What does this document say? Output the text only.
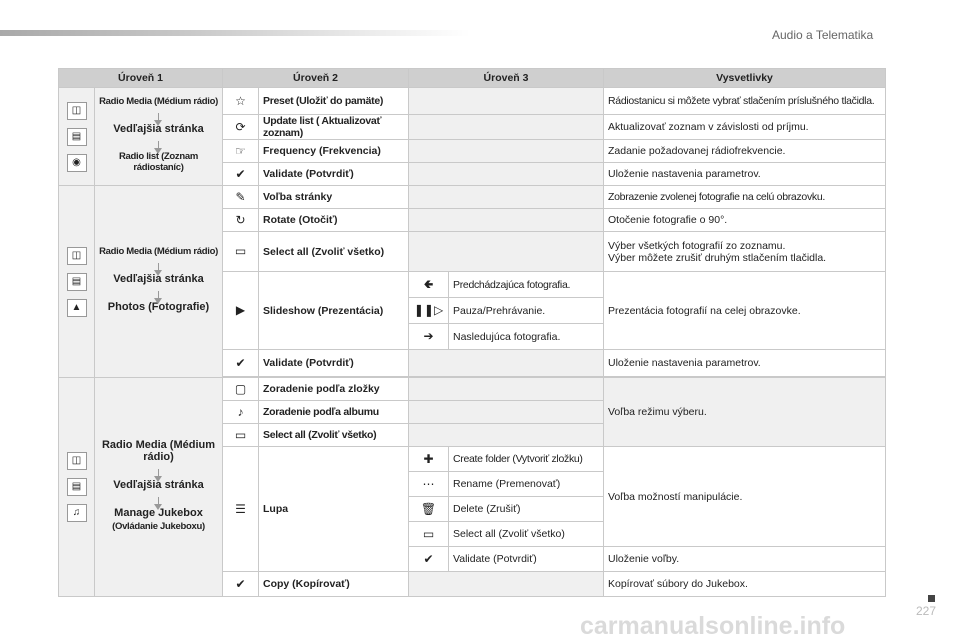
Audio a Telematika
Úroveň 1		Úroveň 2		Úroveň 3		Vysvetlivky
◫
▤
◉	Radio Media (Médium rádio)
Vedľajšia stránka
Radio list (Zoznam rádiostaníc)	☆	Preset (Uložiť do pamäte)			Rádiostanicu si môžete vybrať stlačením príslušného tlačidla.
		⟳	Update list ( Aktualizovať zoznam)			Aktualizovať zoznam v závislosti od príjmu.
		☞	Frequency (Frekvencia)			Zadanie požadovanej rádiofrekvencie.
		✔	Validate (Potvrdiť)			Uloženie nastavenia parametrov.
◫
▤
▲	Radio Media (Médium rádio)
Vedľajšia stránka
Photos (Fotografie)	✎	Voľba stránky			Zobrazenie zvolenej fotografie na celú obrazovku.
		↻	Rotate (Otočiť)			Otočenie fotografie o 90°.
		▭	Select all (Zvoliť všetko)			Výber všetkých fotografií zo zoznamu.
Výber môžete zrušiť druhým stlačením tlačidla.
		▶	Slideshow (Prezentácia)	🢀	Predchádzajúca fotografia.	Prezentácia fotografií na celej obrazovke.
				❚❚▷	Pauza/Prehrávanie.	
				➔	Nasledujúca fotografia.	
		✔	Validate (Potvrdiť)			Uloženie nastavenia parametrov.

◫
▤
♫	Radio Media (Médium rádio)
Vedľajšia stránka
Manage Jukebox
(Ovládanie Jukeboxu)	▢	Zoradenie podľa zložky			Voľba režimu výberu.
		♪	Zoradenie podľa albumu			
		▭	Select all (Zvoliť všetko)			
		☰	Lupa	✚	Create folder (Vytvoriť zložku)	Voľba možností manipulácie.
				⋯	Rename (Premenovať)	
				🗑	Delete (Zrušiť)	
				▭	Select all (Zvoliť všetko)	
				✔	Validate (Potvrdiť)	Uloženie voľby.
		✔	Copy (Kopírovať)			Kopírovať súbory do Jukebox.
227
carmanualsonline.info
